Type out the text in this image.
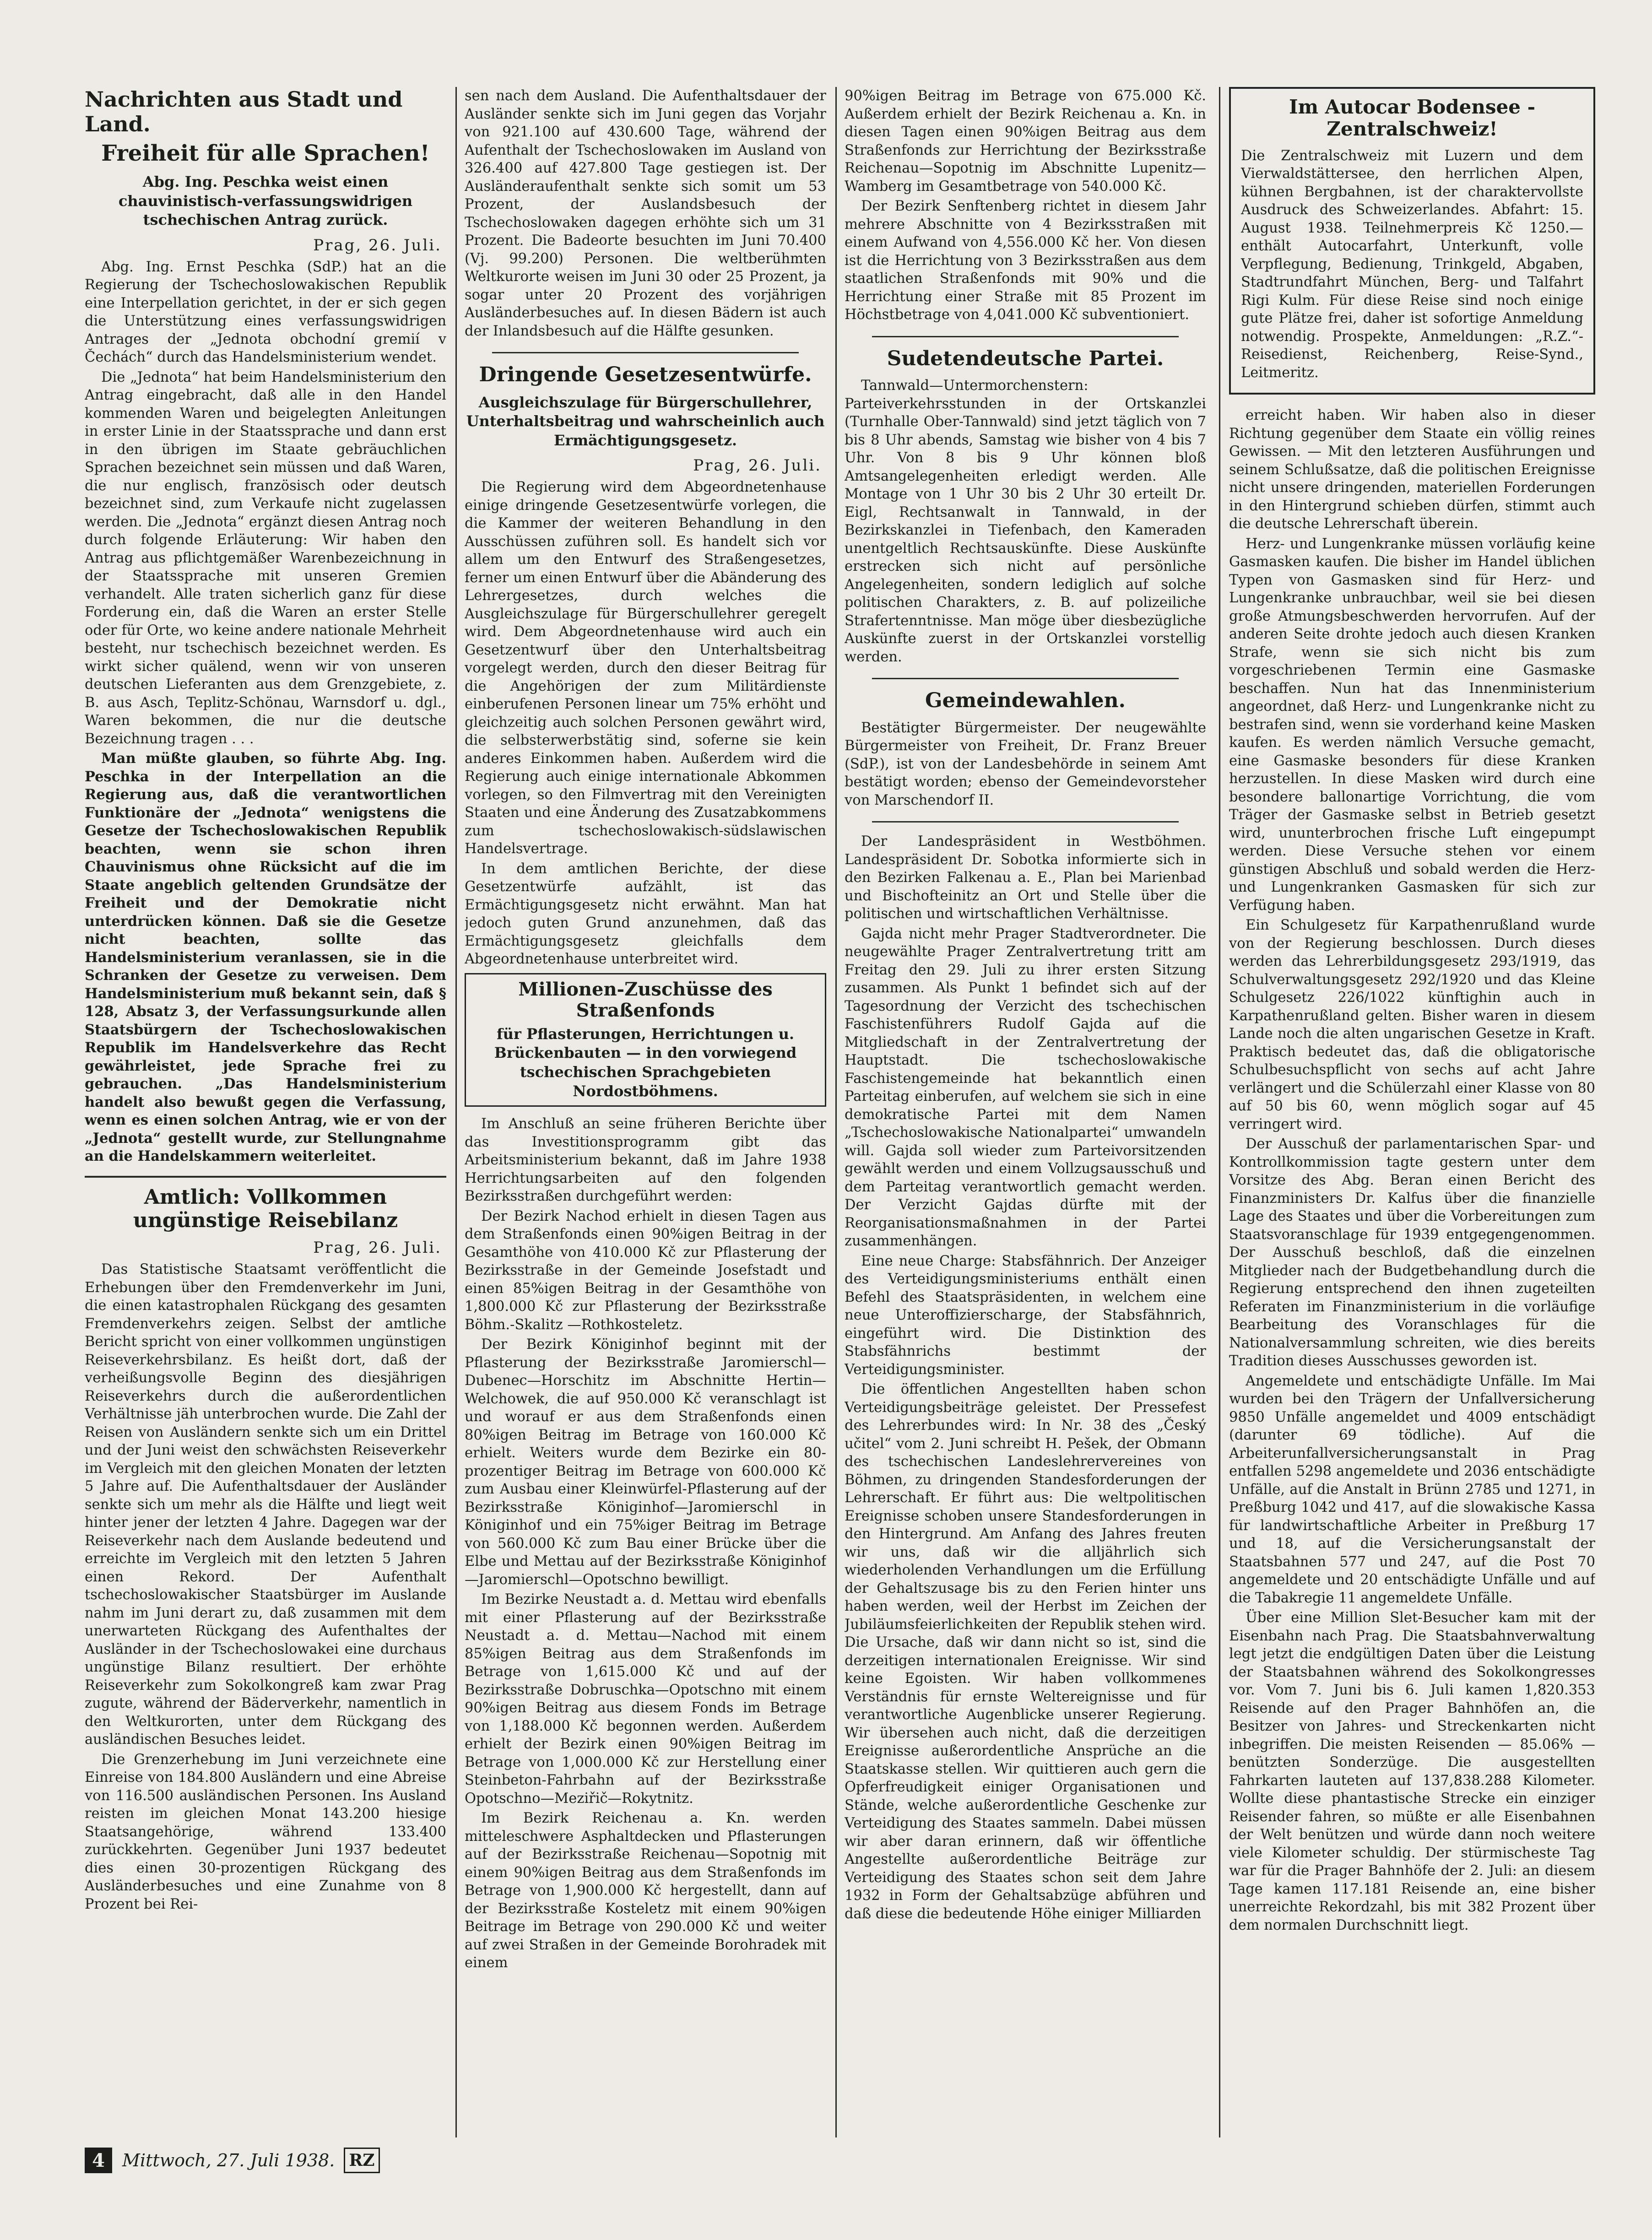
Nachrichten aus Stadt und Land.
Freiheit für alle Sprachen!
Abg. Ing. Peschka weist einen chauvinistisch-verfassungswidrigen tschechischen Antrag zurück.
Prag, 26. Juli.

Abg. Ing. Ernst Peschka (SdP.) hat an die Regierung der Tschechoslowakischen Republik eine Interpellation gerichtet, in der er sich gegen die Unterstützung eines verfassungswidrigen Antrages der „Jednota obchodní gremií v Čechách“ durch das Handelsministerium wendet.

Die „Jednota“ hat beim Handelsministerium den Antrag eingebracht, daß alle in den Handel kommenden Waren und beigelegten Anleitungen in erster Linie in der Staatssprache und dann erst in den übrigen im Staate gebräuchlichen Sprachen bezeichnet sein müssen und daß Waren, die nur englisch, französisch oder deutsch bezeichnet sind, zum Verkaufe nicht zugelassen werden. Die „Jednota“ ergänzt diesen Antrag noch durch folgende Erläuterung: Wir haben den Antrag aus pflichtgemäßer Warenbezeichnung in der Staatssprache mit unseren Gremien verhandelt. Alle traten sicherlich ganz für diese Forderung ein, daß die Waren an erster Stelle oder für Orte, wo keine andere nationale Mehrheit besteht, nur tschechisch bezeichnet werden. Es wirkt sicher quälend, wenn wir von unseren deutschen Lieferanten aus dem Grenzgebiete, z. B. aus Asch, Teplitz-Schönau, Warnsdorf u. dgl., Waren bekommen, die nur die deutsche Bezeichnung tragen . . .

Man müßte glauben, so führte Abg. Ing. Peschka in der Interpellation an die Regierung aus, daß die verantwortlichen Funktionäre der „Jednota“ wenigstens die Gesetze der Tschechoslowakischen Republik beachten, wenn sie schon ihren Chauvinismus ohne Rücksicht auf die im Staate angeblich geltenden Grundsätze der Freiheit und der Demokratie nicht unterdrücken können. Daß sie die Gesetze nicht beachten, sollte das Handelsministerium veranlassen, sie in die Schranken der Gesetze zu verweisen. Dem Handelsministerium muß bekannt sein, daß § 128, Absatz 3, der Verfassungsurkunde allen Staatsbürgern der Tschechoslowakischen Republik im Handelsverkehre das Recht gewährleistet, jede Sprache frei zu gebrauchen. „Das Handelsministerium handelt also bewußt gegen die Verfassung, wenn es einen solchen Antrag, wie er von der „Jednota“ gestellt wurde, zur Stellungnahme an die Handelskammern weiterleitet.

Amtlich: Vollkommen ungünstige Reisebilanz
Prag, 26. Juli.

Das Statistische Staatsamt veröffentlicht die Erhebungen über den Fremdenverkehr im Juni, die einen katastrophalen Rückgang des gesamten Fremdenverkehrs zeigen. Selbst der amtliche Bericht spricht von einer vollkommen ungünstigen Reiseverkehrsbilanz. Es heißt dort, daß der verheißungsvolle Beginn des diesjährigen Reiseverkehrs durch die außerordentlichen Verhältnisse jäh unterbrochen wurde. Die Zahl der Reisen von Ausländern senkte sich um ein Drittel und der Juni weist den schwächsten Reiseverkehr im Vergleich mit den gleichen Monaten der letzten 5 Jahre auf. Die Aufenthaltsdauer der Ausländer senkte sich um mehr als die Hälfte und liegt weit hinter jener der letzten 4 Jahre. Dagegen war der Reiseverkehr nach dem Auslande bedeutend und erreichte im Vergleich mit den letzten 5 Jahren einen Rekord. Der Aufenthalt tschechoslowakischer Staatsbürger im Auslande nahm im Juni derart zu, daß zusammen mit dem unerwarteten Rückgang des Aufenthaltes der Ausländer in der Tschechoslowakei eine durchaus ungünstige Bilanz resultiert. Der erhöhte Reiseverkehr zum Sokolkongreß kam zwar Prag zugute, während der Bäderverkehr, namentlich in den Weltkurorten, unter dem Rückgang des ausländischen Besuches leidet.

Die Grenzerhebung im Juni verzeichnete eine Einreise von 184.800 Ausländern und eine Abreise von 116.500 ausländischen Personen. Ins Ausland reisten im gleichen Monat 143.200 hiesige Staatsangehörige, während 133.400 zurückkehrten. Gegenüber Juni 1937 bedeutet dies einen 30-prozentigen Rückgang des Ausländerbesuches und eine Zunahme von 8 Prozent bei Rei-

sen nach dem Ausland. Die Aufenthaltsdauer der Ausländer senkte sich im Juni gegen das Vorjahr von 921.100 auf 430.600 Tage, während der Aufenthalt der Tschechoslowaken im Ausland von 326.400 auf 427.800 Tage gestiegen ist. Der Ausländeraufenthalt senkte sich somit um 53 Prozent, der Auslandsbesuch der Tschechoslowaken dagegen erhöhte sich um 31 Prozent. Die Badeorte besuchten im Juni 70.400 (Vj. 99.200) Personen. Die weltberühmten Weltkurorte weisen im Juni 30 oder 25 Prozent, ja sogar unter 20 Prozent des vorjährigen Ausländerbesuches auf. In diesen Bädern ist auch der Inlandsbesuch auf die Hälfte gesunken.

Dringende Gesetzesentwürfe.
Ausgleichszulage für Bürgerschullehrer, Unterhaltsbeitrag und wahrscheinlich auch Ermächtigungsgesetz.
Prag, 26. Juli.

Die Regierung wird dem Abgeordnetenhause einige dringende Gesetzesentwürfe vorlegen, die die Kammer der weiteren Behandlung in den Ausschüssen zuführen soll. Es handelt sich vor allem um den Entwurf des Straßengesetzes, ferner um einen Entwurf über die Abänderung des Lehrergesetzes, durch welches die Ausgleichszulage für Bürgerschullehrer geregelt wird. Dem Abgeordnetenhause wird auch ein Gesetzentwurf über den Unterhaltsbeitrag vorgelegt werden, durch den dieser Beitrag für die Angehörigen der zum Militärdienste einberufenen Personen linear um 75% erhöht und gleichzeitig auch solchen Personen gewährt wird, die selbsterwerbstätig sind, soferne sie kein anderes Einkommen haben. Außerdem wird die Regierung auch einige internationale Abkommen vorlegen, so den Filmvertrag mit den Vereinigten Staaten und eine Änderung des Zusatzabkommens zum tschechoslowakisch-südslawischen Handelsvertrage.

In dem amtlichen Berichte, der diese Gesetzentwürfe aufzählt, ist das Ermächtigungsgesetz nicht erwähnt. Man hat jedoch guten Grund anzunehmen, daß das Ermächtigungsgesetz gleichfalls dem Abgeordnetenhause unterbreitet wird.

Millionen-Zuschüsse des Straßenfonds
für Pflasterungen, Herrichtungen u. Brückenbauten — in den vorwiegend tschechischen Sprachgebieten Nordostböhmens.

Im Anschluß an seine früheren Berichte über das Investitionsprogramm gibt das Arbeitsministerium bekannt, daß im Jahre 1938 Herrichtungsarbeiten auf den folgenden Bezirksstraßen durchgeführt werden:

Der Bezirk Nachod erhielt in diesen Tagen aus dem Straßenfonds einen 90%igen Beitrag in der Gesamthöhe von 410.000 Kč zur Pflasterung der Bezirksstraße in der Gemeinde Josefstadt und einen 85%igen Beitrag in der Gesamthöhe von 1,800.000 Kč zur Pflasterung der Bezirksstraße Böhm.-Skalitz —Rothkosteletz.

Der Bezirk Königinhof beginnt mit der Pflasterung der Bezirksstraße Jaromierschl—Dubenec—Horschitz im Abschnitte Hertin—Welchowek, die auf 950.000 Kč veranschlagt ist und worauf er aus dem Straßenfonds einen 80%igen Beitrag im Betrage von 160.000 Kč erhielt. Weiters wurde dem Bezirke ein 80-prozentiger Beitrag im Betrage von 600.000 Kč zum Ausbau einer Kleinwürfel-Pflasterung auf der Bezirksstraße Königinhof—Jaromierschl in Königinhof und ein 75%iger Beitrag im Betrage von 560.000 Kč zum Bau einer Brücke über die Elbe und Mettau auf der Bezirksstraße Königinhof—Jaromierschl—Opotschno bewilligt.

Im Bezirke Neustadt a. d. Mettau wird ebenfalls mit einer Pflasterung auf der Bezirksstraße Neustadt a. d. Mettau—Nachod mit einem 85%igen Beitrag aus dem Straßenfonds im Betrage von 1,615.000 Kč und auf der Bezirksstraße Dobruschka—Opotschno mit einem 90%igen Beitrag aus diesem Fonds im Betrage von 1,188.000 Kč begonnen werden. Außerdem erhielt der Bezirk einen 90%igen Beitrag im Betrage von 1,000.000 Kč zur Herstellung einer Steinbeton-Fahrbahn auf der Bezirksstraße Opotschno—Meziřič—Rokytnitz.

Im Bezirk Reichenau a. Kn. werden mitteleschwere Asphaltdecken und Pflasterungen auf der Bezirksstraße Reichenau—Sopotnig mit einem 90%igen Beitrag aus dem Straßenfonds im Betrage von 1,900.000 Kč hergestellt, dann auf der Bezirksstraße Kosteletz mit einem 90%igen Beitrage im Betrage von 290.000 Kč und weiter auf zwei Straßen in der Gemeinde Borohradek mit einem

90%igen Beitrag im Betrage von 675.000 Kč. Außerdem erhielt der Bezirk Reichenau a. Kn. in diesen Tagen einen 90%igen Beitrag aus dem Straßenfonds zur Herrichtung der Bezirksstraße Reichenau—Sopotnig im Abschnitte Lupenitz—Wamberg im Gesamtbetrage von 540.000 Kč.

Der Bezirk Senftenberg richtet in diesem Jahr mehrere Abschnitte von 4 Bezirksstraßen mit einem Aufwand von 4,556.000 Kč her. Von diesen ist die Herrichtung von 3 Bezirksstraßen aus dem staatlichen Straßenfonds mit 90% und die Herrichtung einer Straße mit 85 Prozent im Höchstbetrage von 4,041.000 Kč subventioniert.

Sudetendeutsche Partei.

Tannwald—Untermorchenstern: Parteiverkehrsstunden in der Ortskanzlei (Turnhalle Ober-Tannwald) sind jetzt täglich von 7 bis 8 Uhr abends, Samstag wie bisher von 4 bis 7 Uhr. Von 8 bis 9 Uhr können bloß Amtsangelegenheiten erledigt werden. Alle Montage von 1 Uhr 30 bis 2 Uhr 30 erteilt Dr. Eigl, Rechtsanwalt in Tannwald, in der Bezirkskanzlei in Tiefenbach, den Kameraden unentgeltlich Rechtsauskünfte. Diese Auskünfte erstrecken sich nicht auf persönliche Angelegenheiten, sondern lediglich auf solche politischen Charakters, z. B. auf polizeiliche Strafertenntnisse. Man möge über diesbezügliche Auskünfte zuerst in der Ortskanzlei vorstellig werden.

Gemeindewahlen.

Bestätigter Bürgermeister. Der neugewählte Bürgermeister von Freiheit, Dr. Franz Breuer (SdP.), ist von der Landesbehörde in seinem Amt bestätigt worden; ebenso der Gemeindevorsteher von Marschendorf II.

Der Landespräsident in Westböhmen. Landespräsident Dr. Sobotka informierte sich in den Bezirken Falkenau a. E., Plan bei Marienbad und Bischofteinitz an Ort und Stelle über die politischen und wirtschaftlichen Verhältnisse.

Gajda nicht mehr Prager Stadtverordneter. Die neugewählte Prager Zentralvertretung tritt am Freitag den 29. Juli zu ihrer ersten Sitzung zusammen. Als Punkt 1 befindet sich auf der Tagesordnung der Verzicht des tschechischen Faschistenführers Rudolf Gajda auf die Mitgliedschaft in der Zentralvertretung der Hauptstadt. Die tschechoslowakische Faschistengemeinde hat bekanntlich einen Parteitag einberufen, auf welchem sie sich in eine demokratische Partei mit dem Namen „Tschechoslowakische Nationalpartei“ umwandeln will. Gajda soll wieder zum Parteivorsitzenden gewählt werden und einem Vollzugsausschuß und dem Parteitag verantwortlich gemacht werden. Der Verzicht Gajdas dürfte mit der Reorganisationsmaßnahmen in der Partei zusammenhängen.

Eine neue Charge: Stabsfähnrich. Der Anzeiger des Verteidigungsministeriums enthält einen Befehl des Staatspräsidenten, in welchem eine neue Unteroffizierscharge, der Stabsfähnrich, eingeführt wird. Die Distinktion des Stabsfähnrichs bestimmt der Verteidigungsminister.

Die öffentlichen Angestellten haben schon Verteidigungsbeiträge geleistet. Der Pressefest des Lehrerbundes wird: In Nr. 38 des „Český učitel“ vom 2. Juni schreibt H. Pešek, der Obmann des tschechischen Landeslehrervereines von Böhmen, zu dringenden Standesforderungen der Lehrerschaft. Er führt aus: Die weltpolitischen Ereignisse schoben unsere Standesforderungen in den Hintergrund. Am Anfang des Jahres freuten wir uns, daß wir die alljährlich sich wiederholenden Verhandlungen um die Erfüllung der Gehaltszusage bis zu den Ferien hinter uns haben werden, weil der Herbst im Zeichen der Jubiläumsfeierlichkeiten der Republik stehen wird. Die Ursache, daß wir dann nicht so ist, sind die derzeitigen internationalen Ereignisse. Wir sind keine Egoisten. Wir haben vollkommenes Verständnis für ernste Weltereignisse und für verantwortliche Augenblicke unserer Regierung. Wir übersehen auch nicht, daß die derzeitigen Ereignisse außerordentliche Ansprüche an die Staatskasse stellen. Wir quittieren auch gern die Opferfreudigkeit einiger Organisationen und Stände, welche außerordentliche Geschenke zur Verteidigung des Staates sammeln. Dabei müssen wir aber daran erinnern, daß wir öffentliche Angestellte außerordentliche Beiträge zur Verteidigung des Staates schon seit dem Jahre 1932 in Form der Gehaltsabzüge abführen und daß diese die bedeutende Höhe einiger Milliarden

Im Autocar Bodensee - Zentralschweiz!

Die Zentralschweiz mit Luzern und dem Vierwaldstättersee, den herrlichen Alpen, kühnen Bergbahnen, ist der charaktervollste Ausdruck des Schweizerlandes. Abfahrt: 15. August 1938. Teilnehmerpreis Kč 1250.— enthält Autocarfahrt, Unterkunft, volle Verpflegung, Bedienung, Trinkgeld, Abgaben, Stadtrundfahrt München, Berg- und Talfahrt Rigi Kulm. Für diese Reise sind noch einige gute Plätze frei, daher ist sofortige Anmeldung notwendig. Prospekte, Anmeldungen: „R.Z.“-Reisedienst, Reichenberg, Reise-Synd., Leitmeritz.

erreicht haben. Wir haben also in dieser Richtung gegenüber dem Staate ein völlig reines Gewissen. — Mit den letzteren Ausführungen und seinem Schlußsatze, daß die politischen Ereignisse nicht unsere dringenden, materiellen Forderungen in den Hintergrund schieben dürfen, stimmt auch die deutsche Lehrerschaft überein.

Herz- und Lungenkranke müssen vorläufig keine Gasmasken kaufen. Die bisher im Handel üblichen Typen von Gasmasken sind für Herz- und Lungenkranke unbrauchbar, weil sie bei diesen große Atmungsbeschwerden hervorrufen. Auf der anderen Seite drohte jedoch auch diesen Kranken Strafe, wenn sie sich nicht bis zum vorgeschriebenen Termin eine Gasmaske beschaffen. Nun hat das Innenministerium angeordnet, daß Herz- und Lungenkranke nicht zu bestrafen sind, wenn sie vorderhand keine Masken kaufen. Es werden nämlich Versuche gemacht, eine Gasmaske besonders für diese Kranken herzustellen. In diese Masken wird durch eine besondere ballonartige Vorrichtung, die vom Träger der Gasmaske selbst in Betrieb gesetzt wird, ununterbrochen frische Luft eingepumpt werden. Diese Versuche stehen vor einem günstigen Abschluß und sobald werden die Herz- und Lungenkranken Gasmasken für sich zur Verfügung haben.

Ein Schulgesetz für Karpathenrußland wurde von der Regierung beschlossen. Durch dieses werden das Lehrerbildungsgesetz 293/1919, das Schulverwaltungsgesetz 292/1920 und das Kleine Schulgesetz 226/1022 künftighin auch in Karpathenrußland gelten. Bisher waren in diesem Lande noch die alten ungarischen Gesetze in Kraft. Praktisch bedeutet das, daß die obligatorische Schulbesuchspflicht von sechs auf acht Jahre verlängert und die Schülerzahl einer Klasse von 80 auf 50 bis 60, wenn möglich sogar auf 45 verringert wird.

Der Ausschuß der parlamentarischen Spar- und Kontrollkommission tagte gestern unter dem Vorsitze des Abg. Beran einen Bericht des Finanzministers Dr. Kalfus über die finanzielle Lage des Staates und über die Vorbereitungen zum Staatsvoranschlage für 1939 entgegengenommen. Der Ausschuß beschloß, daß die einzelnen Mitglieder nach der Budgetbehandlung durch die Regierung entsprechend den ihnen zugeteilten Referaten im Finanzministerium in die vorläufige Bearbeitung des Voranschlages für die Nationalversammlung schreiten, wie dies bereits Tradition dieses Ausschusses geworden ist.

Angemeldete und entschädigte Unfälle. Im Mai wurden bei den Trägern der Unfallversicherung 9850 Unfälle angemeldet und 4009 entschädigt (darunter 69 tödliche). Auf die Arbeiterunfallversicherungsanstalt in Prag entfallen 5298 angemeldete und 2036 entschädigte Unfälle, auf die Anstalt in Brünn 2785 und 1271, in Preßburg 1042 und 417, auf die slowakische Kassa für landwirtschaftliche Arbeiter in Preßburg 17 und 18, auf die Versicherungsanstalt der Staatsbahnen 577 und 247, auf die Post 70 angemeldete und 20 entschädigte Unfälle und auf die Tabakregie 11 angemeldete Unfälle.

Über eine Million Slet-Besucher kam mit der Eisenbahn nach Prag. Die Staatsbahnverwaltung legt jetzt die endgültigen Daten über die Leistung der Staatsbahnen während des Sokolkongresses vor. Vom 7. Juni bis 6. Juli kamen 1,820.353 Reisende auf den Prager Bahnhöfen an, die Besitzer von Jahres- und Streckenkarten nicht inbegriffen. Die meisten Reisenden — 85.06% — benützten Sonderzüge. Die ausgestellten Fahrkarten lauteten auf 137,838.288 Kilometer. Wollte diese phantastische Strecke ein einziger Reisender fahren, so müßte er alle Eisenbahnen der Welt benützen und würde dann noch weitere viele Kilometer schuldig. Der stürmischeste Tag war für die Prager Bahnhöfe der 2. Juli: an diesem Tage kamen 117.181 Reisende an, eine bisher unerreichte Rekordzahl, bis mit 382 Prozent über dem normalen Durchschnitt liegt.

4	Mittwoch, 27. Juli 1938. RZ
